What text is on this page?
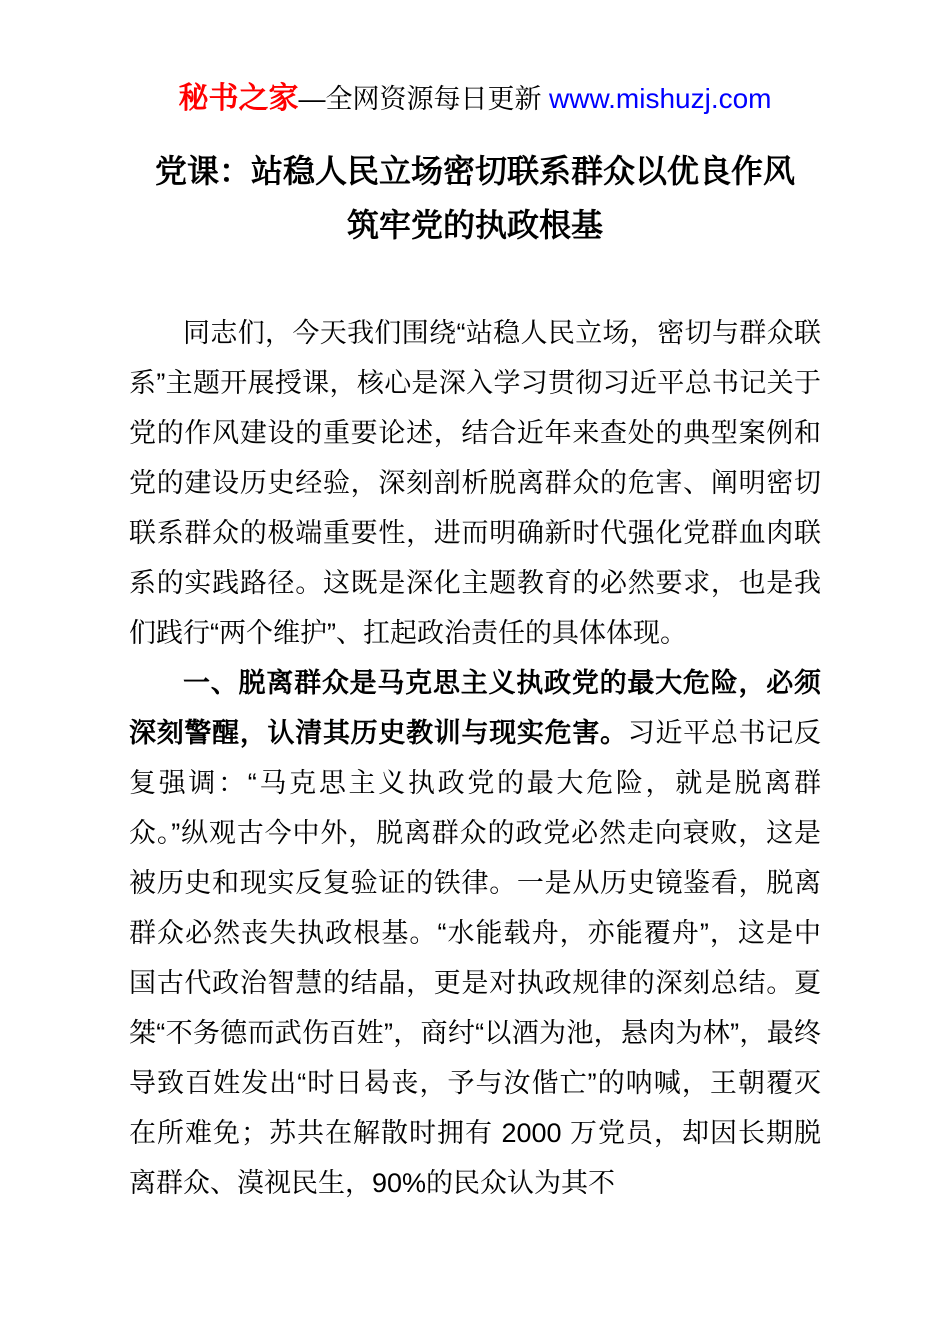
秘书之家—全网资源每日更新 www.mishuzj.com
党课：站稳人民立场密切联系群众以优良作风
筑牢党的执政根基

同志们，今天我们围绕“站稳人民立场，密切与群众联系”主题开展授课，核心是深入学习贯彻习近平总书记关于党的作风建设的重要论述，结合近年来查处的典型案例和党的建设历史经验，深刻剖析脱离群众的危害、阐明密切联系群众的极端重要性，进而明确新时代强化党群血肉联系的实践路径。这既是深化主题教育的必然要求，也是我们践行“两个维护”、扛起政治责任的具体体现。

一、脱离群众是马克思主义执政党的最大危险，必须深刻警醒，认清其历史教训与现实危害。习近平总书记反复强调：“马克思主义执政党的最大危险，就是脱离群众。”纵观古今中外，脱离群众的政党必然走向衰败，这是被历史和现实反复验证的铁律。一是从历史镜鉴看，脱离群众必然丧失执政根基。“水能载舟，亦能覆舟”，这是中国古代政治智慧的结晶，更是对执政规律的深刻总结。夏桀“不务德而武伤百姓”，商纣“以酒为池，悬肉为林”，最终导致百姓发出“时日曷丧，予与汝偕亡”的呐喊，王朝覆灭在所难免；苏共在解散时拥有 2000 万党员，却因长期脱离群众、漠视民生，90%的民众认为其不
